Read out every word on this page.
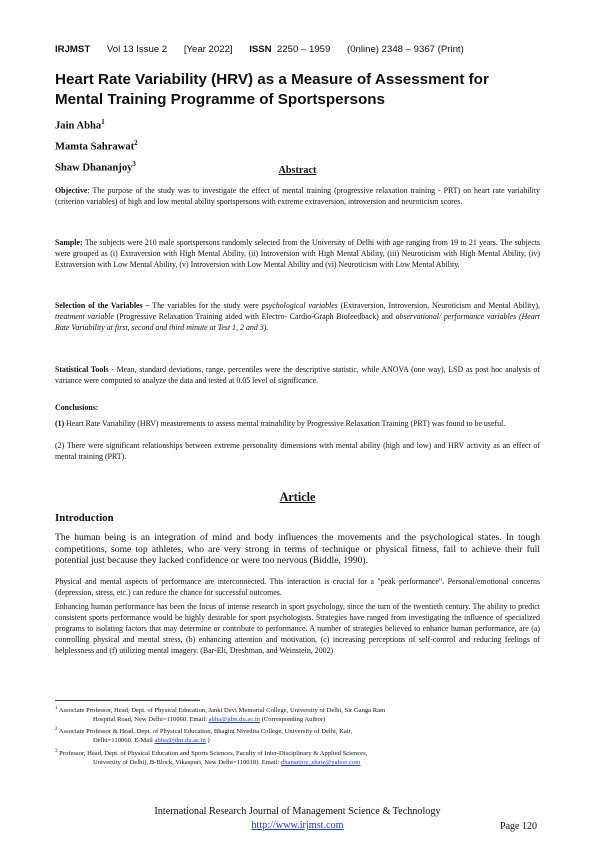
IRJMST Vol 13 Issue 2 [Year 2022] ISSN 2250 – 1959 (0nline) 2348 – 9367 (Print)
Heart Rate Variability (HRV) as a Measure of Assessment for
Mental Training Programme of Sportspersons
Jain Abha$^1$
Mamta Sahrawat$^2$
Shaw Dhananjoy$^3$
Abstract
Objective: The purpose of the study was to investigate the effect of mental training (progressive relaxation training - PRT) on heart rate variability (criterion variables) of high and low mental ability sportspersons with extreme extraversion, introversion and neuroticism scores.
Sample: The subjects were 210 male sportspersons randomly selected from the University of Delhi with age ranging from 19 to 21 years. The subjects were grouped as (i) Extraversion with High Mental Ability, (ii) Introversion with High Mental Ability, (iii) Neuroticism with High Mental Ability, (iv) Extraversion with Low Mental Ability, (v) Introversion with Low Mental Ability and (vi) Neuroticism with Low Mental Ability.
Selection of the Variables – The variables for the study were psychological variables (Extraversion, Introversion, Neuroticism and Mental Ability), treatment variable (Progressive Relaxation Training aided with Electro- Cardio-Graph Biofeedback) and observational/ performance variables (Heart Rate Variability at first, second and third minute at Test 1, 2 and 3).
Statistical Tools - Mean, standard deviations, range, percentiles were the descriptive statistic, while ANOVA (one way), LSD as post hoc analysis of variance were computed to analyze the data and tested at 0.05 level of significance.
Conclusions:
(1) Heart Rate Variability (HRV) measurements to assess mental trainability by Progressive Relaxation Training (PRT) was found to be useful.
(2) There were significant relationships between extreme personality dimensions with mental ability (high and low) and HRV activity as an effect of mental training (PRT).
Article
Introduction
The human being is an integration of mind and body influences the movements and the psychological states. In tough competitions, some top athletes, who are very strong in terms of technique or physical fitness, fail to achieve their full potential just because they lacked confidence or were too nervous (Biddle, 1990).
Physical and mental aspects of performance are interconnected. This interaction is crucial for a "peak performance". Personal/emotional concerns (depression, stress, etc.) can reduce the chance for successful outcomes.
Enhancing human performance has been the focus of intense research in sport psychology, since the turn of the twentieth century. The ability to predict consistent sports performance would be highly desirable for sport psychologists. Strategies have ranged from investigating the influence of specialized programs to isolating factors that may determine or contribute to performance. A number of strategies believed to enhance human performance, are (a) controlling physical and mental stress, (b) enhancing attention and motivation, (c) increasing perceptions of self-control and reducing feelings of helplessness and (f) utilizing mental imagery. (Bar-Eli, Dreshman, and Weinstein, 2002)
$^1$ Associate Professor, Head, Dept. of Physical Education, Janki Devi Memorial College, University of Delhi, Sir Ganga Ram
Hospital Road, New Delhi=110060. Email: abha@jdm.du.ac.in (Corresponding Author)
$^2$ Associate Professor & Head, Dept. of Physical Education, Bhagini Nivedita College, University of Delhi, Kair,
Delhi=110060. E-Mail abha@jdm.du.ac.in )
$^3$ Professor, Head, Dept. of Physical Education and Sports Sciences, Faculty of Inter-Disciplinary & Applied Sciences,
University of Delhi), B-Block, Vikaspuri, New Delhi=110018). Email: dhananjoy_shaw@yahoo.com
International Research Journal of Management Science & Technology
http://www.irjmst.com	Page 120
